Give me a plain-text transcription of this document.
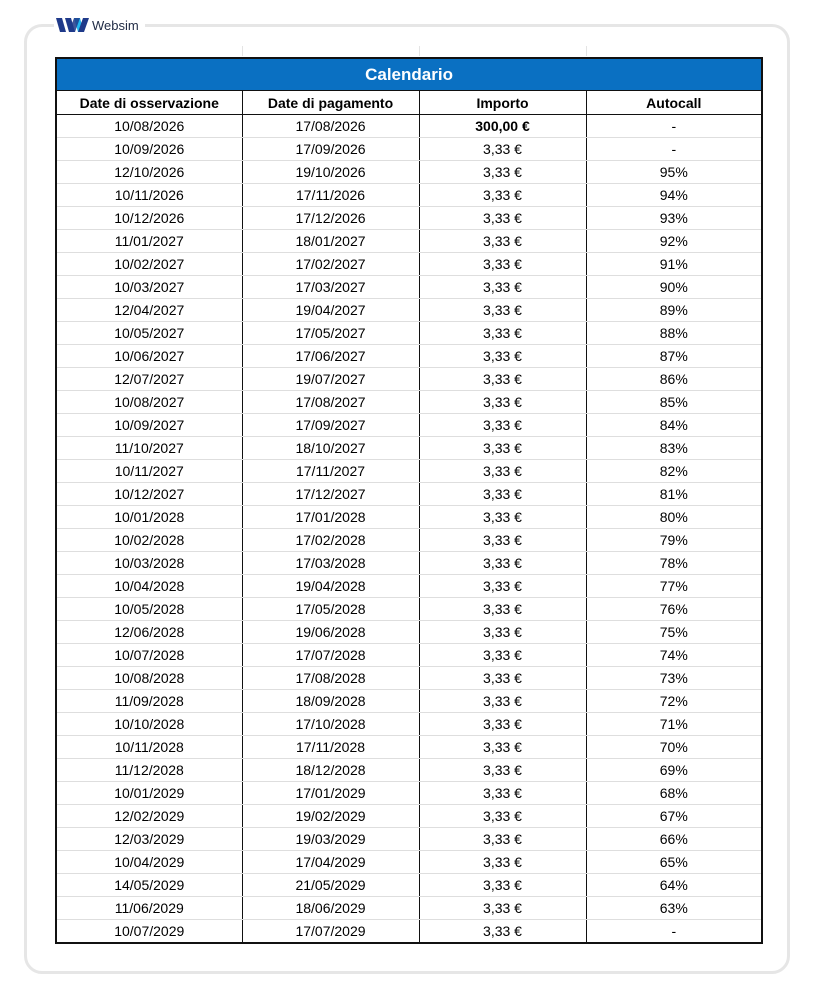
Websim
Calendario			
Date di osservazione	Date di pagamento	Importo	Autocall
10/08/2026	17/08/2026	300,00 €	-
10/09/2026	17/09/2026	3,33 €	-
12/10/2026	19/10/2026	3,33 €	95%
10/11/2026	17/11/2026	3,33 €	94%
10/12/2026	17/12/2026	3,33 €	93%
11/01/2027	18/01/2027	3,33 €	92%
10/02/2027	17/02/2027	3,33 €	91%
10/03/2027	17/03/2027	3,33 €	90%
12/04/2027	19/04/2027	3,33 €	89%
10/05/2027	17/05/2027	3,33 €	88%
10/06/2027	17/06/2027	3,33 €	87%
12/07/2027	19/07/2027	3,33 €	86%
10/08/2027	17/08/2027	3,33 €	85%
10/09/2027	17/09/2027	3,33 €	84%
11/10/2027	18/10/2027	3,33 €	83%
10/11/2027	17/11/2027	3,33 €	82%
10/12/2027	17/12/2027	3,33 €	81%
10/01/2028	17/01/2028	3,33 €	80%
10/02/2028	17/02/2028	3,33 €	79%
10/03/2028	17/03/2028	3,33 €	78%
10/04/2028	19/04/2028	3,33 €	77%
10/05/2028	17/05/2028	3,33 €	76%
12/06/2028	19/06/2028	3,33 €	75%
10/07/2028	17/07/2028	3,33 €	74%
10/08/2028	17/08/2028	3,33 €	73%
11/09/2028	18/09/2028	3,33 €	72%
10/10/2028	17/10/2028	3,33 €	71%
10/11/2028	17/11/2028	3,33 €	70%
11/12/2028	18/12/2028	3,33 €	69%
10/01/2029	17/01/2029	3,33 €	68%
12/02/2029	19/02/2029	3,33 €	67%
12/03/2029	19/03/2029	3,33 €	66%
10/04/2029	17/04/2029	3,33 €	65%
14/05/2029	21/05/2029	3,33 €	64%
11/06/2029	18/06/2029	3,33 €	63%
10/07/2029	17/07/2029	3,33 €	-
